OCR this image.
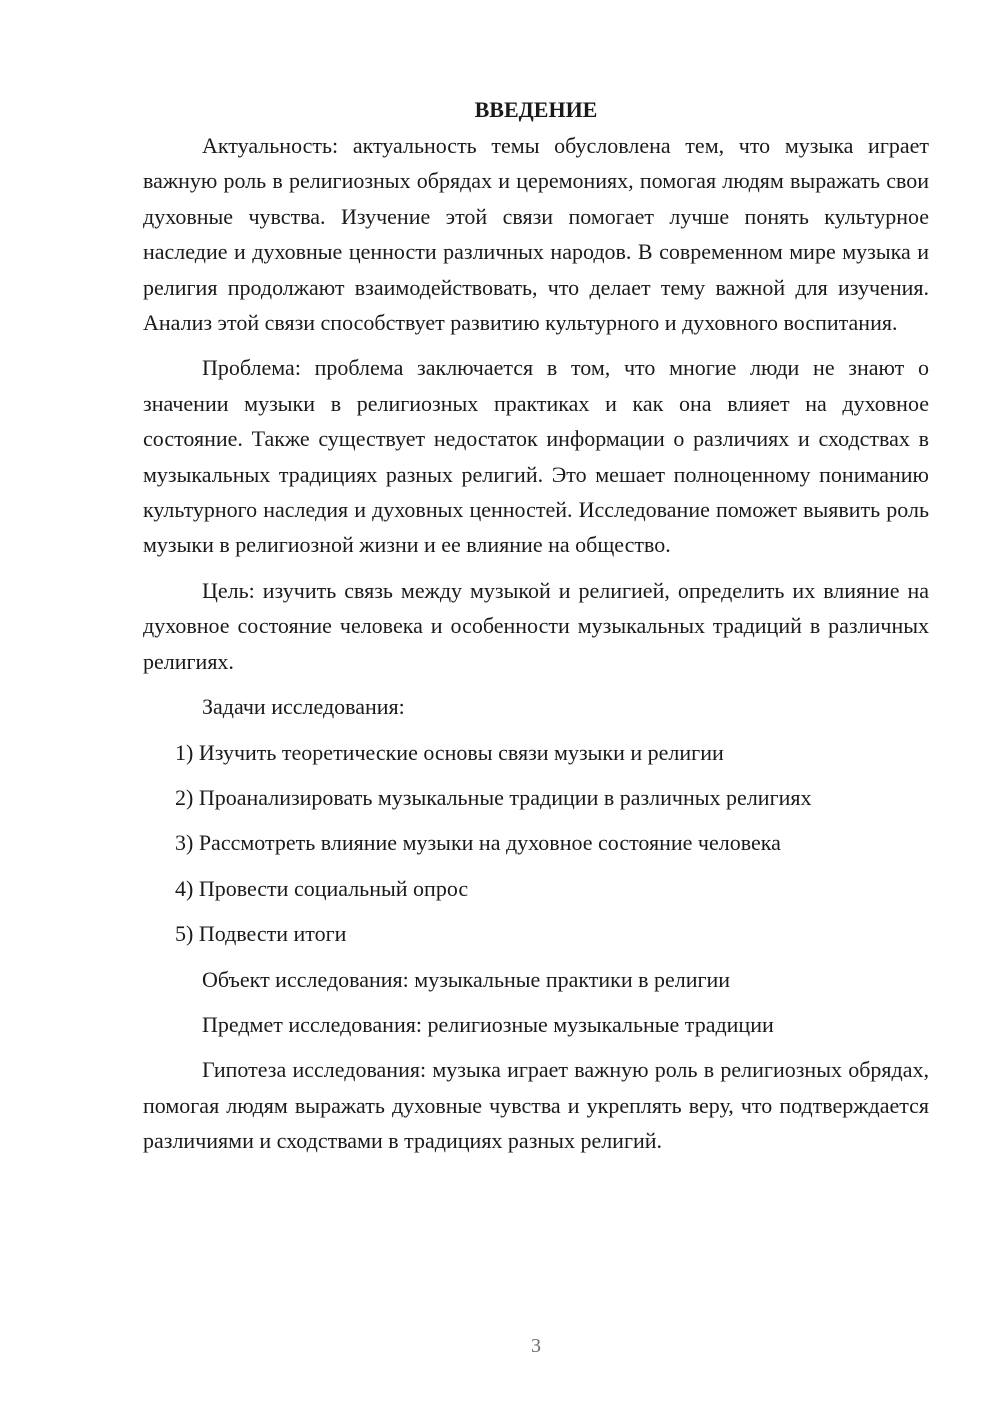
ВВЕДЕНИЕ

Актуальность: актуальность темы обусловлена тем, что музыка играет важную роль в религиозных обрядах и церемониях, помогая людям выражать свои духовные чувства. Изучение этой связи помогает лучше понять культурное наследие и духовные ценности различных народов. В современном мире музыка и религия продолжают взаимодействовать, что делает тему важной для изучения. Анализ этой связи способствует развитию культурного и духовного воспитания.

Проблема: проблема заключается в том, что многие люди не знают о значении музыки в религиозных практиках и как она влияет на духовное состояние. Также существует недостаток информации о различиях и сходствах в музыкальных традициях разных религий. Это мешает полноценному пониманию культурного наследия и духовных ценностей. Исследование поможет выявить роль музыки в религиозной жизни и ее влияние на общество.

Цель: изучить связь между музыкой и религией, определить их влияние на духовное состояние человека и особенности музыкальных традиций в различных религиях.

Задачи исследования:
1) Изучить теоретические основы связи музыки и религии
2) Проанализировать музыкальные традиции в различных религиях
3) Рассмотреть влияние музыки на духовное состояние человека
4) Провести социальный опрос
5) Подвести итоги
Объект исследования: музыкальные практики в религии
Предмет исследования: религиозные музыкальные традиции

Гипотеза исследования: музыка играет важную роль в религиозных обрядах, помогая людям выражать духовные чувства и укреплять веру, что подтверждается различиями и сходствами в традициях разных религий.

3
